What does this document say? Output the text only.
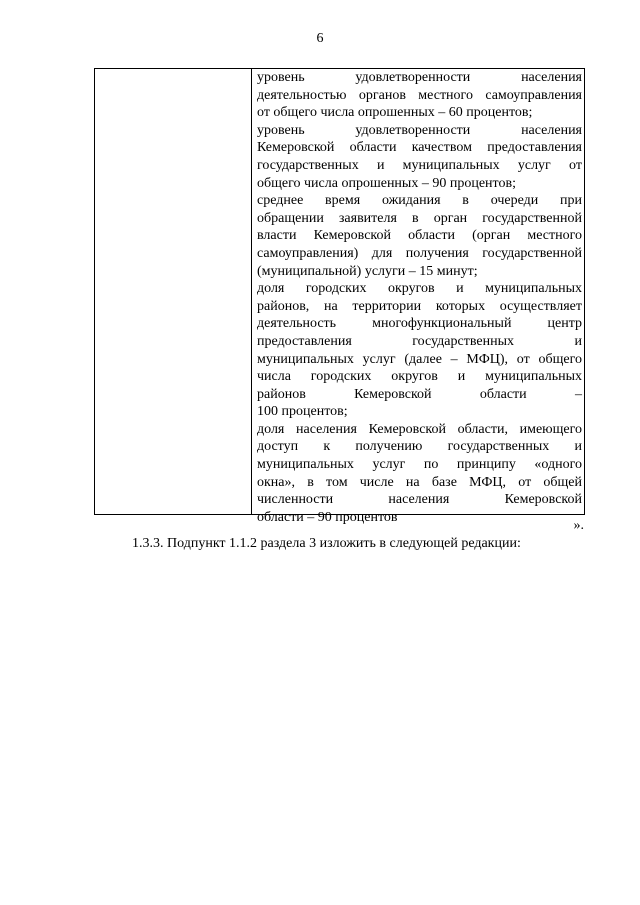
6

уровень удовлетворенности населения
деятельностью органов местного самоуправления
от общего числа опрошенных – 60 процентов;

уровень удовлетворенности населения
Кемеровской области качеством предоставления
государственных и муниципальных услуг от
общего числа опрошенных – 90 процентов;

среднее время ожидания в очереди при
обращении заявителя в орган государственной
власти Кемеровской области (орган местного
самоуправления) для получения государственной
(муниципальной) услуги – 15 минут;

доля городских округов и муниципальных
районов, на территории которых осуществляет
деятельность многофункциональный центр
предоставления государственных и
муниципальных услуг (далее – МФЦ), от общего
числа городских округов и муниципальных
районов Кемеровской области –
100 процентов;

доля населения Кемеровской области, имеющего
доступ к получению государственных и
муниципальных услуг по принципу «одного
окна», в том числе на базе МФЦ, от общей
численности населения Кемеровской
области – 90 процентов

».
1.3.3. Подпункт 1.1.2 раздела 3 изложить в следующей редакции:
